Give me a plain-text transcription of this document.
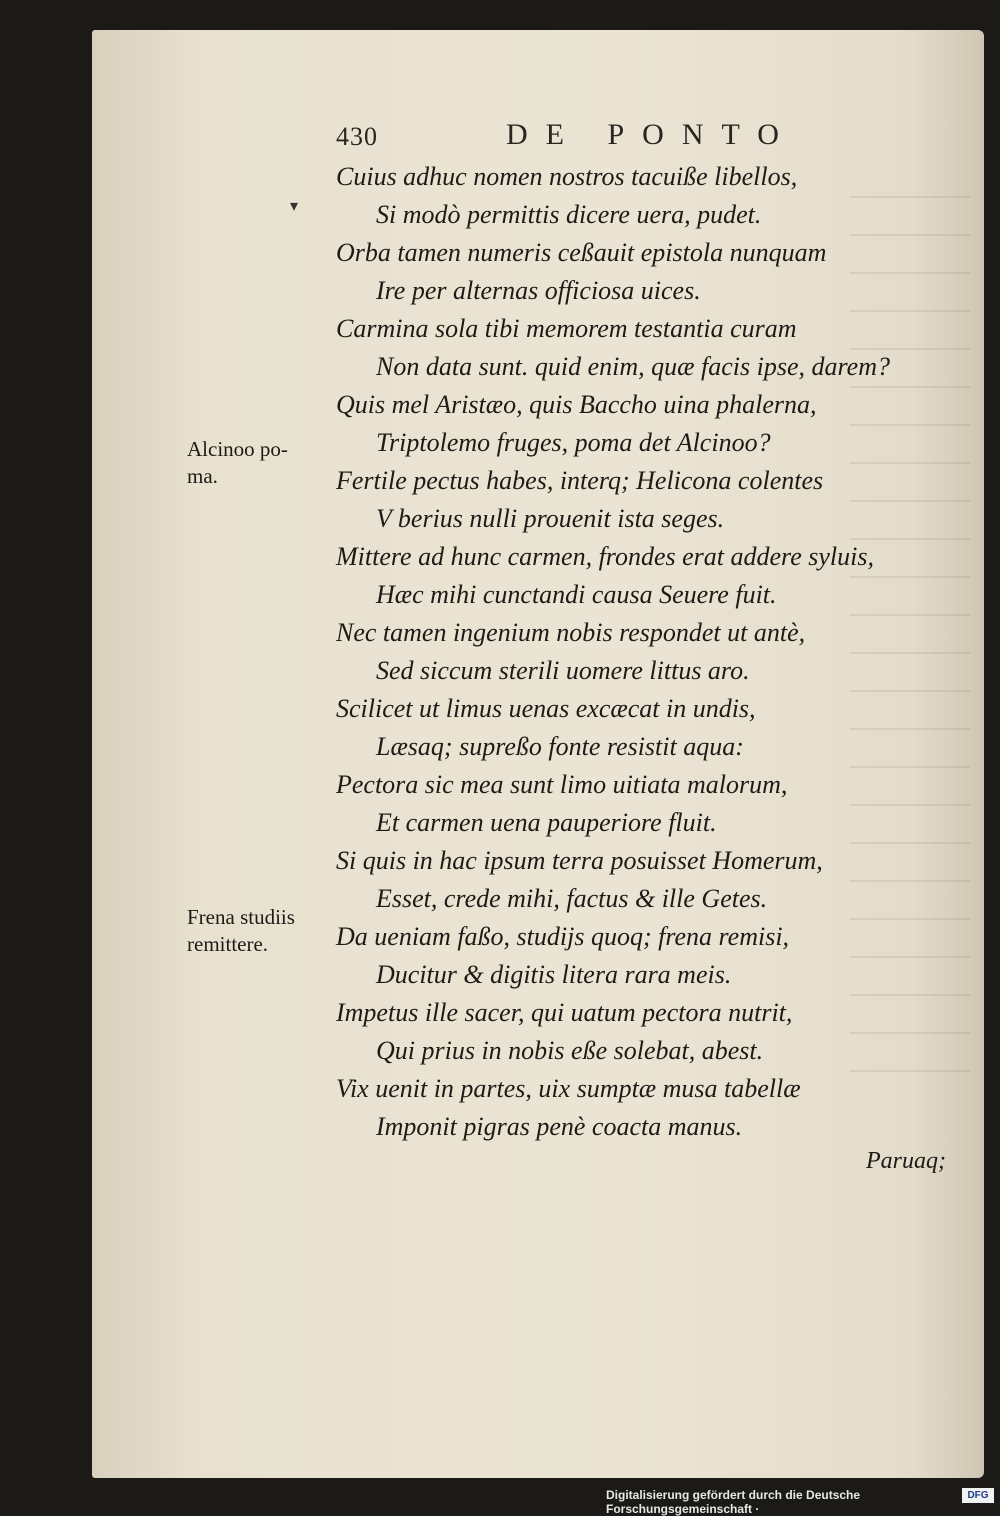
430	DE PONTO
▾
Cuius adhuc nomen nostros tacuiße libellos,
Si modò permittis dicere uera, pudet.
Orba tamen numeris ceßauit epistola nunquam
Ire per alternas officiosa uices.
Carmina sola tibi memorem testantia curam
Non data sunt. quid enim, quæ facis ipse, darem?
Quis mel Aristæo, quis Baccho uina phalerna,
Triptolemo fruges, poma det Alcinoo?
Fertile pectus habes, interq; Helicona colentes
V berius nulli prouenit ista seges.
Mittere ad hunc carmen, frondes erat addere syluis,
Hæc mihi cunctandi causa Seuere fuit.
Nec tamen ingenium nobis respondet ut antè,
Sed siccum sterili uomere littus aro.
Scilicet ut limus uenas excæcat in undis,
Læsaq; supreßo fonte resistit aqua:
Pectora sic mea sunt limo uitiata malorum,
Et carmen uena pauperiore fluit.
Si quis in hac ipsum terra posuisset Homerum,
Esset, crede mihi, factus & ille Getes.
Da ueniam faßo, studijs quoq; frena remisi,
Ducitur & digitis litera rara meis.
Impetus ille sacer, qui uatum pectora nutrit,
Qui prius in nobis eße solebat, abest.
Vix uenit in partes, uix sumptæ musa tabellæ
Imponit pigras penè coacta manus.
Alcinoo po-
ma.
Frena studiis
remittere.
Paruaq;
Digitalisierung gefördert durch die Deutsche Forschungsgemeinschaft ·
DFG
